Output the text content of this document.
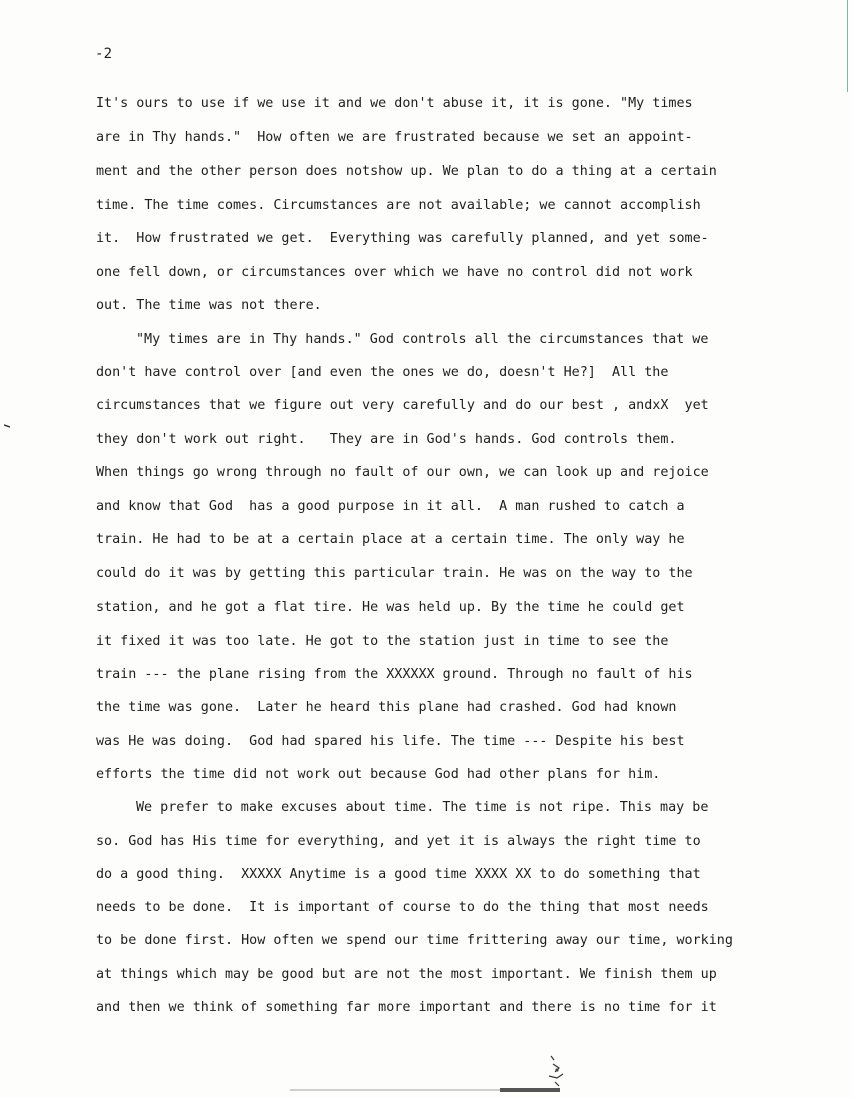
-2
It's ours to use if we use it and we don't abuse it, it is gone. "My times
are in Thy hands."  How often we are frustrated because we set an appoint-
ment and the other person does notshow up. We plan to do a thing at a certain
time. The time comes. Circumstances are not available; we cannot accomplish
it.  How frustrated we get.  Everything was carefully planned, and yet some-
one fell down, or circumstances over which we have no control did not work
out. The time was not there.
"My times are in Thy hands." God controls all the circumstances that we
don't have control over [and even the ones we do, doesn't He?]  All the
circumstances that we figure out very carefully and do our best , andxX  yet
they don't work out right.   They are in God's hands. God controls them.
When things go wrong through no fault of our own, we can look up and rejoice
and know that God  has a good purpose in it all.  A man rushed to catch a
train. He had to be at a certain place at a certain time. The only way he
could do it was by getting this particular train. He was on the way to the
station, and he got a flat tire. He was held up. By the time he could get
it fixed it was too late. He got to the station just in time to see the
train --- the plane rising from the XXXXXX ground. Through no fault of his
the time was gone.  Later he heard this plane had crashed. God had known
was He was doing.  God had spared his life. The time --- Despite his best
efforts the time did not work out because God had other plans for him.
We prefer to make excuses about time. The time is not ripe. This may be
so. God has His time for everything, and yet it is always the right time to
do a good thing.  XXXXX Anytime is a good time XXXX XX to do something that
needs to be done.  It is important of course to do the thing that most needs
to be done first. How often we spend our time frittering away our time, working
at things which may be good but are not the most important. We finish them up
and then we think of something far more important and there is no time for it
